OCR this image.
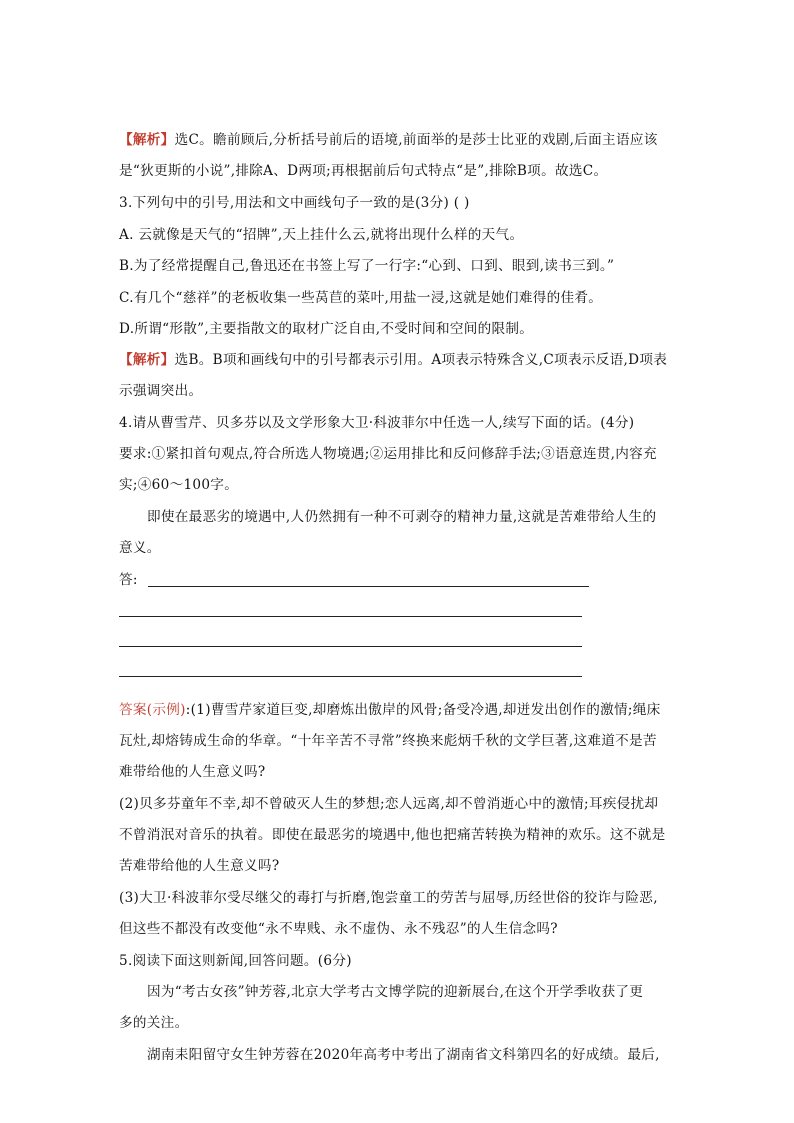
【解析】选C。瞻前顾后,分析括号前后的语境,前面举的是莎士比亚的戏剧,后面主语应该
是“狄更斯的小说”,排除A、D两项;再根据前后句式特点“是”,排除B项。故选C。
3.下列句中的引号,用法和文中画线句子一致的是(3分) ( )
A. 云就像是天气的“招牌”,天上挂什么云,就将出现什么样的天气。
B.为了经常提醒自己,鲁迅还在书签上写了一行字:“心到、口到、眼到,读书三到。”
C.有几个“慈祥”的老板收集一些莴苣的菜叶,用盐一浸,这就是她们难得的佳肴。
D.所谓“形散”,主要指散文的取材广泛自由,不受时间和空间的限制。
【解析】选B。B项和画线句中的引号都表示引用。A项表示特殊含义,C项表示反语,D项表
示强调突出。
4.请从曹雪芹、贝多芬以及文学形象大卫·科波菲尔中任选一人,续写下面的话。(4分)
要求:①紧扣首句观点,符合所选人物境遇;②运用排比和反问修辞手法;③语意连贯,内容充
实;④60～100字。
即使在最恶劣的境遇中,人仍然拥有一种不可剥夺的精神力量,这就是苦难带给人生的
意义。
答:
答案(示例):(1)曹雪芹家道巨变,却磨炼出傲岸的风骨;备受冷遇,却迸发出创作的激情;绳床
瓦灶,却熔铸成生命的华章。“十年辛苦不寻常”终换来彪炳千秋的文学巨著,这难道不是苦
难带给他的人生意义吗?
(2)贝多芬童年不幸,却不曾破灭人生的梦想;恋人远离,却不曾消逝心中的激情;耳疾侵扰却
不曾消泯对音乐的执着。即使在最恶劣的境遇中,他也把痛苦转换为精神的欢乐。这不就是
苦难带给他的人生意义吗?
(3)大卫·科波菲尔受尽继父的毒打与折磨,饱尝童工的劳苦与屈辱,历经世俗的狡诈与险恶,
但这些不都没有改变他“永不卑贱、永不虚伪、永不残忍”的人生信念吗?
5.阅读下面这则新闻,回答问题。(6分)
因为“考古女孩”钟芳蓉,北京大学考古文博学院的迎新展台,在这个开学季收获了更
多的关注。
湖南耒阳留守女生钟芳蓉在2020年高考中考出了湖南省文科第四名的好成绩。最后,
